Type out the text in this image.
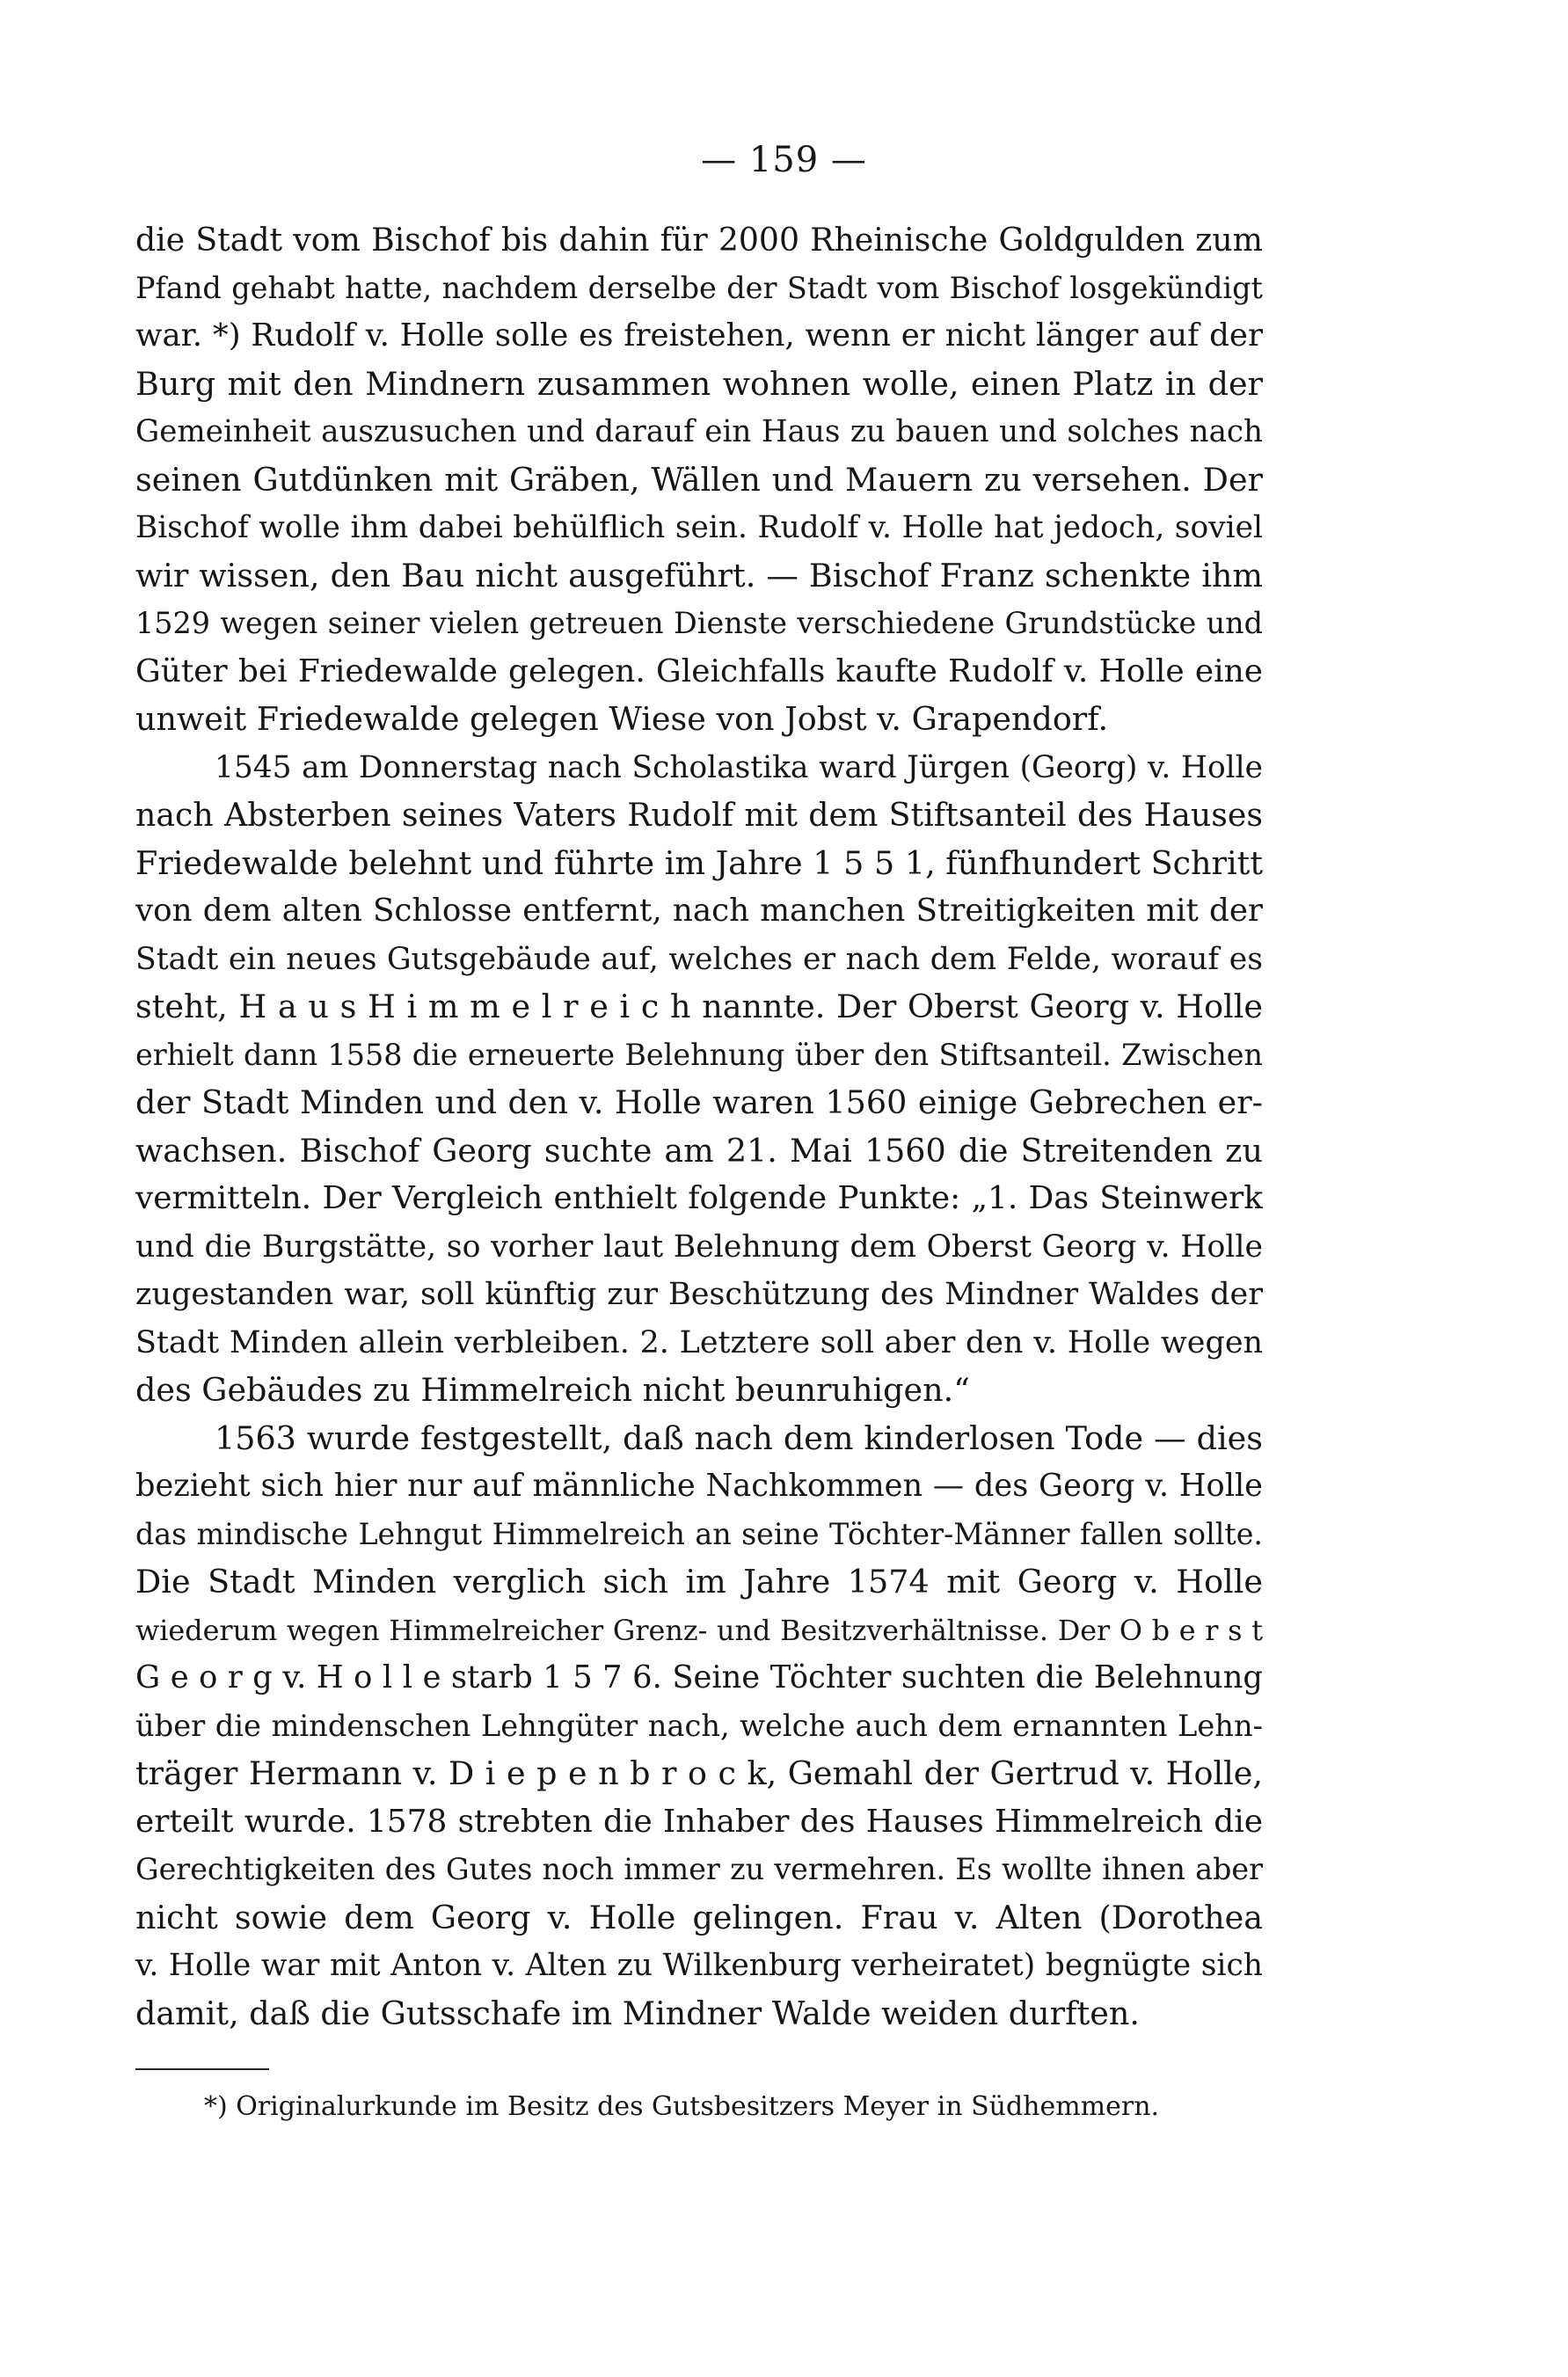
— 159 —
die Stadt vom Bischof bis dahin für 2000 Rheinische Goldgulden zum
Pfand gehabt hatte, nachdem derselbe der Stadt vom Bischof losgekündigt
war. *) Rudolf v. Holle solle es freistehen, wenn er nicht länger auf der
Burg mit den Mindnern zusammen wohnen wolle, einen Platz in der
Gemeinheit auszusuchen und darauf ein Haus zu bauen und solches nach
seinen Gutdünken mit Gräben, Wällen und Mauern zu versehen. Der
Bischof wolle ihm dabei behülflich sein. Rudolf v. Holle hat jedoch, soviel
wir wissen, den Bau nicht ausgeführt. — Bischof Franz schenkte ihm
1529 wegen seiner vielen getreuen Dienste verschiedene Grundstücke und
Güter bei Friedewalde gelegen. Gleichfalls kaufte Rudolf v. Holle eine
unweit Friedewalde gelegen Wiese von Jobst v. Grapendorf.
1545 am Donnerstag nach Scholastika ward Jürgen (Georg) v. Holle
nach Absterben seines Vaters Rudolf mit dem Stiftsanteil des Hauses
Friedewalde belehnt und führte im Jahre 1 5 5 1, fünfhundert Schritt
von dem alten Schlosse entfernt, nach manchen Streitigkeiten mit der
Stadt ein neues Gutsgebäude auf, welches er nach dem Felde, worauf es
steht, H a u s H i m m e l r e i c h nannte. Der Oberst Georg v. Holle
erhielt dann 1558 die erneuerte Belehnung über den Stiftsanteil. Zwischen
der Stadt Minden und den v. Holle waren 1560 einige Gebrechen er-
wachsen. Bischof Georg suchte am 21. Mai 1560 die Streitenden zu
vermitteln. Der Vergleich enthielt folgende Punkte: „1. Das Steinwerk
und die Burgstätte, so vorher laut Belehnung dem Oberst Georg v. Holle
zugestanden war, soll künftig zur Beschützung des Mindner Waldes der
Stadt Minden allein verbleiben. 2. Letztere soll aber den v. Holle wegen
des Gebäudes zu Himmelreich nicht beunruhigen.“
1563 wurde festgestellt, daß nach dem kinderlosen Tode — dies
bezieht sich hier nur auf männliche Nachkommen — des Georg v. Holle
das mindische Lehngut Himmelreich an seine Töchter-Männer fallen sollte.
Die Stadt Minden verglich sich im Jahre 1574 mit Georg v. Holle
wiederum wegen Himmelreicher Grenz- und Besitzverhältnisse. Der O b e r s t
G e o r g v. H o l l e starb 1 5 7 6. Seine Töchter suchten die Belehnung
über die mindenschen Lehngüter nach, welche auch dem ernannten Lehn-
träger Hermann v. D i e p e n b r o c k, Gemahl der Gertrud v. Holle,
erteilt wurde. 1578 strebten die Inhaber des Hauses Himmelreich die
Gerechtigkeiten des Gutes noch immer zu vermehren. Es wollte ihnen aber
nicht sowie dem Georg v. Holle gelingen. Frau v. Alten (Dorothea
v. Holle war mit Anton v. Alten zu Wilkenburg verheiratet) begnügte sich
damit, daß die Gutsschafe im Mindner Walde weiden durften.
*) Originalurkunde im Besitz des Gutsbesitzers Meyer in Südhemmern.
